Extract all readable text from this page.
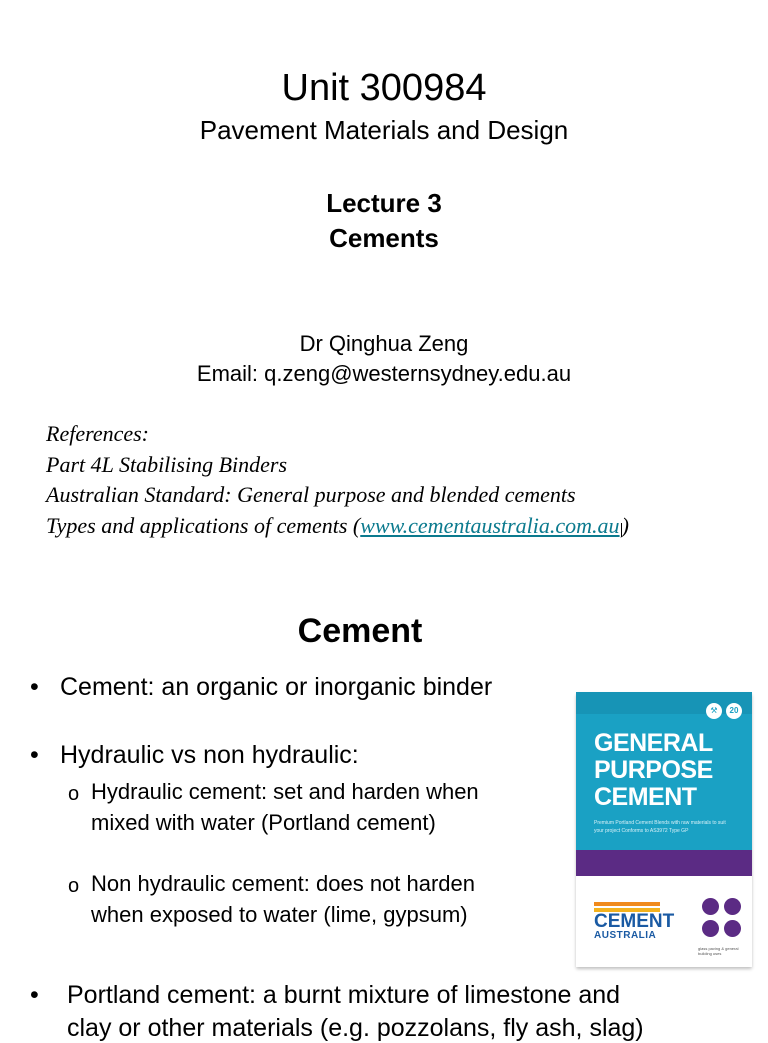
Unit 300984
Pavement Materials and Design
Lecture 3
Cements
Dr Qinghua Zeng
Email: q.zeng@westernsydney.edu.au
References:
Part 4L Stabilising Binders
Australian Standard: General purpose and blended cements
Types and applications of cements (www.cementaustralia.com.au)
Cement
• Cement: an organic or inorganic binder
• Hydraulic vs non hydraulic:
o Hydraulic cement: set and harden when
mixed with water (Portland cement)
o Non hydraulic cement: does not harden
when exposed to water (lime, gypsum)
• Portland cement: a burnt mixture of limestone and
clay or other materials (e.g. pozzolans, fly ash, slag)
⚒	20
GENERAL
PURPOSE
CEMENT
Premium Portland Cement Blends with raw materials to suit your project Conforms to AS3972 Type GP
CEMENT
AUSTRALIA
glass paving & general building uses
